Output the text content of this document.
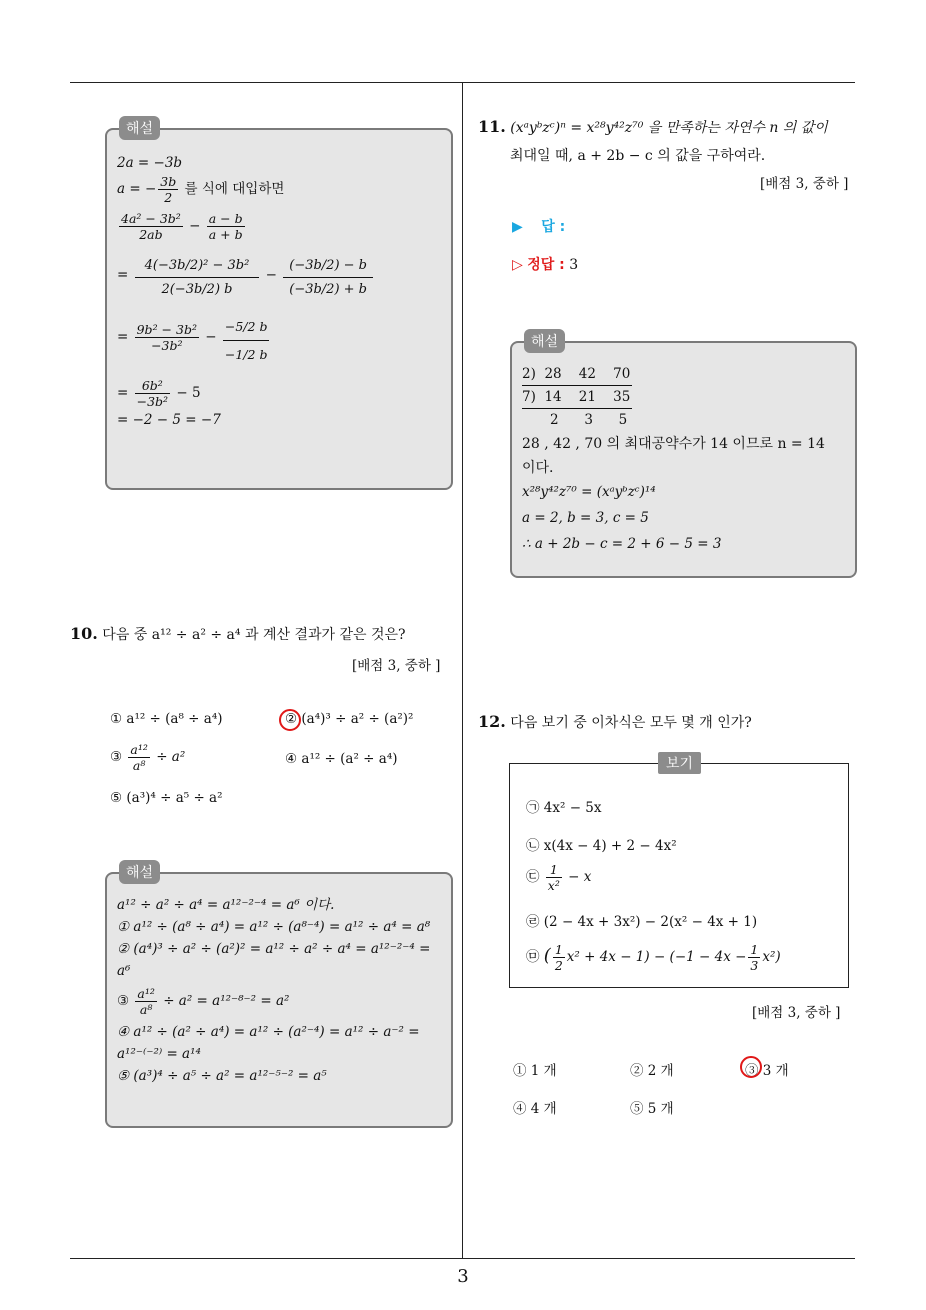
3
해설
2a = −3b
a = − $\frac{3b}{2}$ 를 식에 대입하면
$\frac{\text{4a² − 3b²}}{2ab} - \frac{a - b}{a + b}$
= $\frac{\text{4(−3b/2)² − 3b²}}{2(-3b/2) b} - \frac{(-3b/2) - b}{(-3b/2) + b}$
= $\frac{\text{9b² − 3b²}}{\text{−3b²}} - \frac{-5/2 b}{-1/2 b}$
= $\frac{\text{6b²}}{\text{−3b²}} - 5$
= −2 − 5 = −7
10. 다음 중 a¹² ÷ a² ÷ a⁴ 과 계산 결과가 같은 것은?
[배점 3, 중하 ]
① a¹² ÷ (a⁸ ÷ a⁴)	② (a⁴)³ ÷ a² ÷ (a²)²
③ $\frac{\text{a¹²}}{\text{a⁸}} \div a^2$	④ a¹² ÷ (a² ÷ a⁴)
⑤ (a³)⁴ ÷ a⁵ ÷ a²
해설
a¹² ÷ a² ÷ a⁴ = a¹²⁻²⁻⁴ = a⁶ 이다.
① a¹² ÷ (a⁸ ÷ a⁴) = a¹² ÷ (a⁸⁻⁴) = a¹² ÷ a⁴ = a⁸
② (a⁴)³ ÷ a² ÷ (a²)² = a¹² ÷ a² ÷ a⁴ = a¹²⁻²⁻⁴ =
a⁶
③ $\frac{\text{a¹²}}{\text{a⁸}} \div a^2 = a^{12-8-2} = a^2$
④ a¹² ÷ (a² ÷ a⁴) = a¹² ÷ (a²⁻⁴) = a¹² ÷ a⁻² =
a¹²⁻⁽⁻²⁾ = a¹⁴
⑤ (a³)⁴ ÷ a⁵ ÷ a² = a¹²⁻⁵⁻² = a⁵
11. (xᵃyᵇzᶜ)ⁿ = x²⁸y⁴²z⁷⁰ 을 만족하는 자연수 n 의 값이
최대일 때, a + 2b − c 의 값을 구하여라.
[배점 3, 중하 ]
▶ 답 :
▷ 정답 : 3
해설
2)  28    42    70
7)  14    21    35
2      3      5
28 , 42 , 70 의 최대공약수가 14 이므로 n = 14
이다.
x²⁸y⁴²z⁷⁰ = (xᵃyᵇzᶜ)¹⁴
a = 2, b = 3, c = 5
∴ a + 2b − c = 2 + 6 − 5 = 3
12. 다음 보기 중 이차식은 모두 몇 개 인가?
보기
㉠ 4x² − 5x
㉡ x(4x − 4) + 2 − 4x²
㉢ $\frac{1}{\text{x²}} - x$
㉣ (2 − 4x + 3x²) − 2(x² − 4x + 1)
㉤ ( $\frac{1}{2} x^2 + 4x - 1) - (-1 - 4x - \frac{1}{3} x^2)$
[배점 3, 중하 ]
① 1 개	② 2 개	③ 3 개
④ 4 개	⑤ 5 개
